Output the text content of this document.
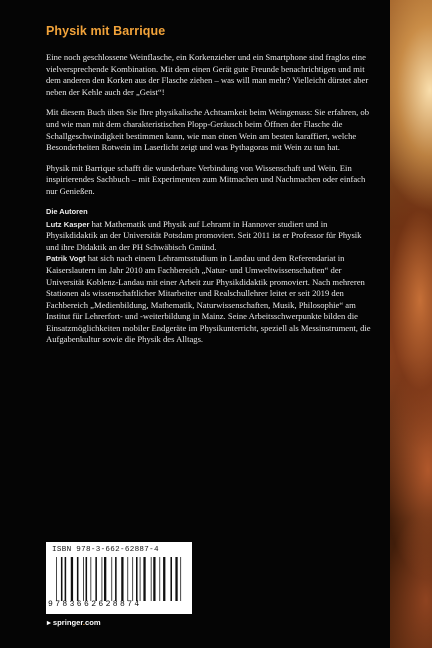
Physik mit Barrique

Eine noch geschlossene Weinflasche, ein Korkenzieher und ein Smartphone sind fraglos eine vielversprechende Kombination. Mit dem einen Gerät gute Freunde benachrichtigen und mit dem anderen den Korken aus der Flasche ziehen – was will man mehr? Vielleicht dürstet aber neben der Kehle auch der „Geist“!

Mit diesem Buch üben Sie Ihre physikalische Achtsamkeit beim Weingenuss: Sie erfahren, ob und wie man mit dem charakteristischen Plopp-Geräusch beim Öffnen der Flasche die Schallgeschwindigkeit bestimmen kann, wie man einen Wein am besten karaffiert, welche Besonderheiten Rotwein im Laserlicht zeigt und was Pythagoras mit Wein zu tun hat.

Physik mit Barrique schafft die wunderbare Verbindung von Wissenschaft und Wein. Ein inspirierendes Sachbuch – mit Experimenten zum Mitmachen und Nachmachen oder einfach nur Genießen.

Die Autoren

Lutz Kasper hat Mathematik und Physik auf Lehramt in Hannover studiert und in Physikdidaktik an der Universität Potsdam promoviert. Seit 2011 ist er Professor für Physik und ihre Didaktik an der PH Schwäbisch Gmünd.

Patrik Vogt hat sich nach einem Lehramtsstudium in Landau und dem Referendariat in Kaiserslautern im Jahr 2010 am Fachbereich „Natur- und Umweltwissenschaften“ der Universität Koblenz-Landau mit einer Arbeit zur Physikdidaktik promoviert. Nach mehreren Stationen als wissenschaftlicher Mitarbeiter und Realschullehrer leitet er seit 2019 den Fachbereich „Medienbildung, Mathematik, Naturwissenschaften, Musik, Philosophie“ am Institut für Lehrerfort- und -weiterbildung in Mainz. Seine Arbeitsschwerpunkte bilden die Einsatzmöglichkeiten mobiler Endgeräte im Physikunterricht, speziell als Messinstrument, die Aufgabenkultur sowie die Physik des Alltags.

ISBN 978-3-662-62887-4
9783662628874
▸ springer.com
